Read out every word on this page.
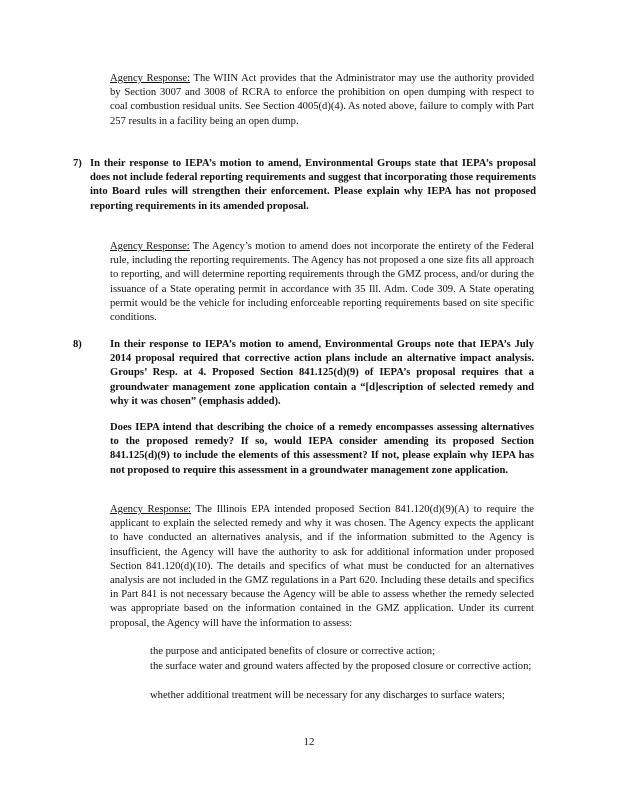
Agency Response: The WIIN Act provides that the Administrator may use the authority provided by Section 3007 and 3008 of RCRA to enforce the prohibition on open dumping with respect to coal combustion residual units. See Section 4005(d)(4). As noted above, failure to comply with Part 257 results in a facility being an open dump.
7) In their response to IEPA’s motion to amend, Environmental Groups state that IEPA’s proposal does not include federal reporting requirements and suggest that incorporating those requirements into Board rules will strengthen their enforcement. Please explain why IEPA has not proposed reporting requirements in its amended proposal.
Agency Response: The Agency’s motion to amend does not incorporate the entirety of the Federal rule, including the reporting requirements. The Agency has not proposed a one size fits all approach to reporting, and will determine reporting requirements through the GMZ process, and/or during the issuance of a State operating permit in accordance with 35 Ill. Adm. Code 309. A State operating permit would be the vehicle for including enforceable reporting requirements based on site specific conditions.
8)	In their response to IEPA’s motion to amend, Environmental Groups note that IEPA’s July 2014 proposal required that corrective action plans include an alternative impact analysis. Groups’ Resp. at 4. Proposed Section 841.125(d)(9) of IEPA’s proposal requires that a groundwater management zone application contain a “[d]escription of selected remedy and why it was chosen” (emphasis added).
Does IEPA intend that describing the choice of a remedy encompasses assessing alternatives to the proposed remedy? If so, would IEPA consider amending its proposed Section 841.125(d)(9) to include the elements of this assessment? If not, please explain why IEPA has not proposed to require this assessment in a groundwater management zone application.
Agency Response: The Illinois EPA intended proposed Section 841.120(d)(9)(A) to require the applicant to explain the selected remedy and why it was chosen. The Agency expects the applicant to have conducted an alternatives analysis, and if the information submitted to the Agency is insufficient, the Agency will have the authority to ask for additional information under proposed Section 841.120(d)(10). The details and specifics of what must be conducted for an alternatives analysis are not included in the GMZ regulations in a Part 620. Including these details and specifics in Part 841 is not necessary because the Agency will be able to assess whether the remedy selected was appropriate based on the information contained in the GMZ application. Under its current proposal, the Agency will have the information to assess:
the purpose and anticipated benefits of closure or corrective action;
the surface water and ground waters affected by the proposed closure or corrective action;
whether additional treatment will be necessary for any discharges to surface waters;
12
